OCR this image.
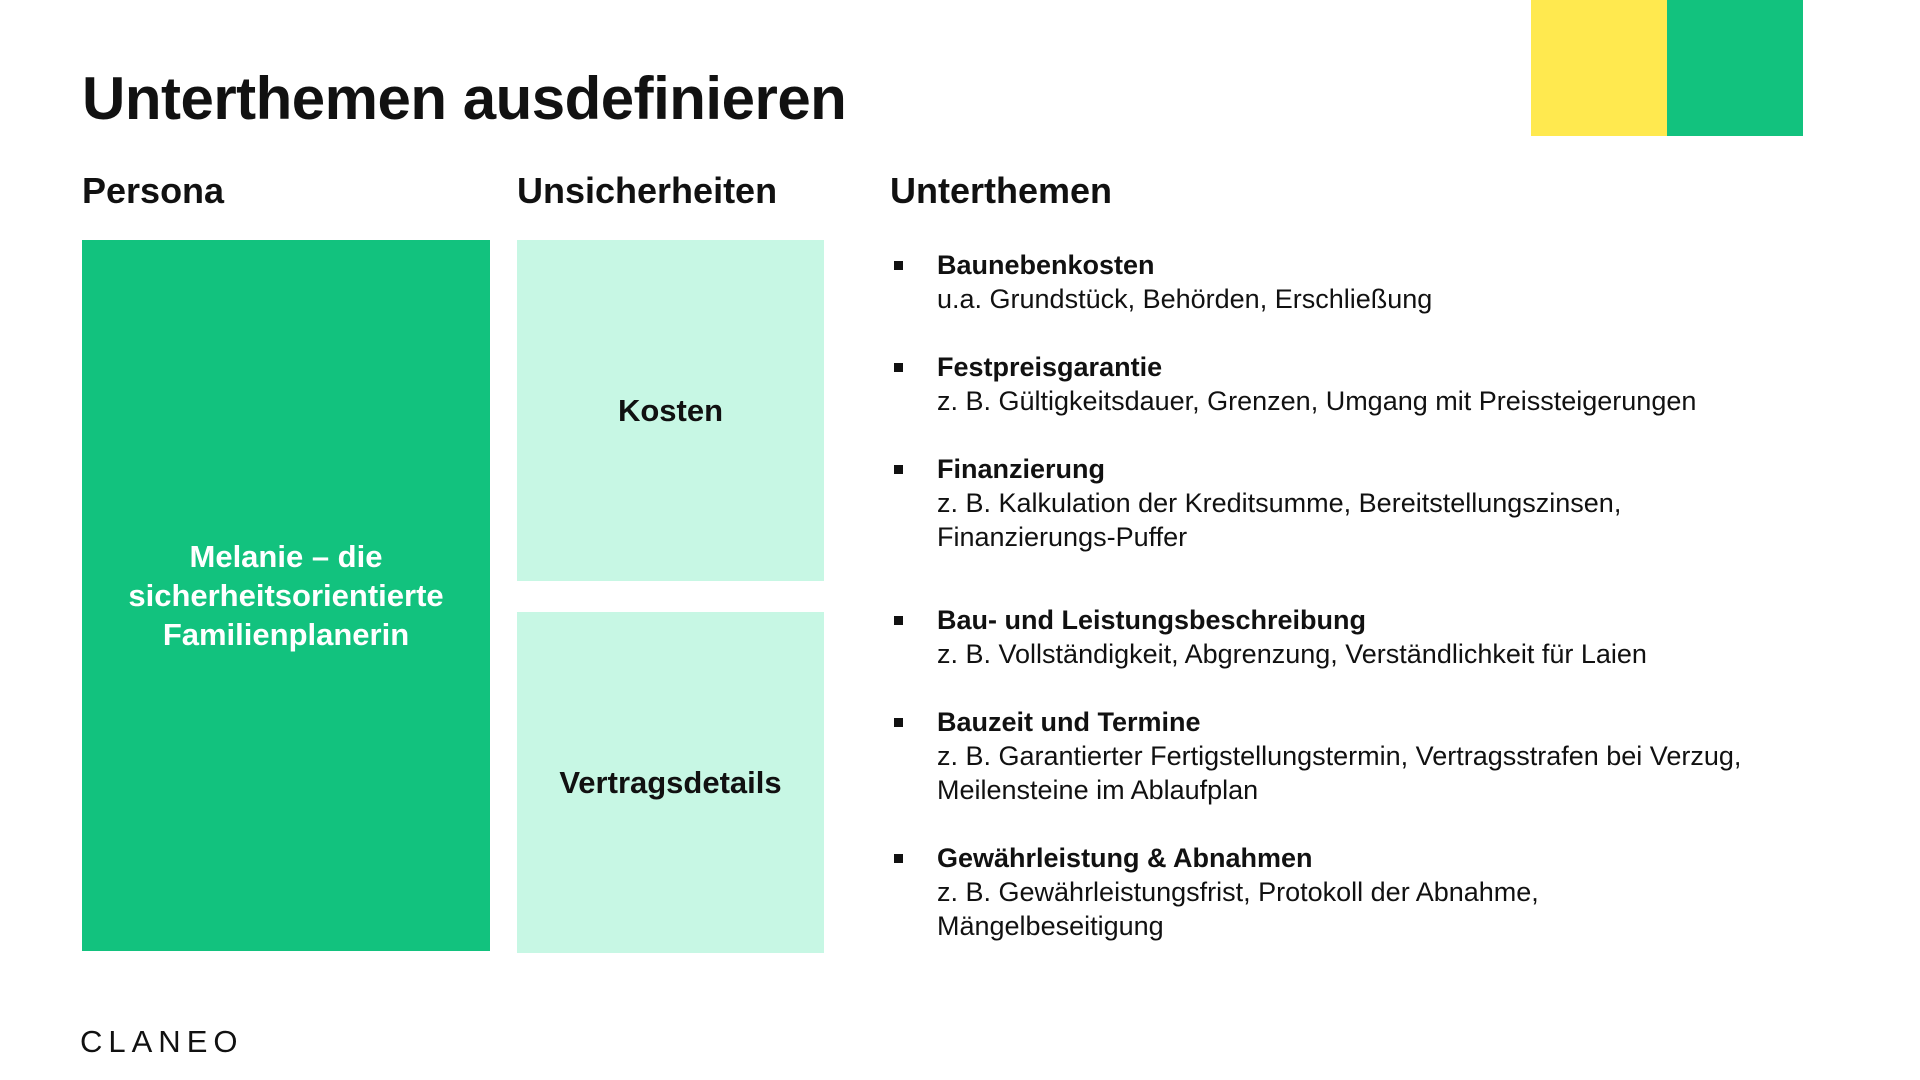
Unterthemen ausdefinieren
Persona	Unsicherheiten	Unterthemen
Melanie – die
sicherheitsorientierte
Familienplanerin
Kosten
Vertragsdetails
Baunebenkosten
u.a. Grundstück, Behörden, Erschließung
Festpreisgarantie
z. B. Gültigkeitsdauer, Grenzen, Umgang mit Preissteigerungen
Finanzierung
z. B. Kalkulation der Kreditsumme, Bereitstellungszinsen,
Finanzierungs-Puffer
Bau- und Leistungsbeschreibung
z. B. Vollständigkeit, Abgrenzung, Verständlichkeit für Laien
Bauzeit und Termine
z. B. Garantierter Fertigstellungstermin, Vertragsstrafen bei Verzug,
Meilensteine im Ablaufplan
Gewährleistung & Abnahmen
z. B. Gewährleistungsfrist, Protokoll der Abnahme,
Mängelbeseitigung
CLANEO
